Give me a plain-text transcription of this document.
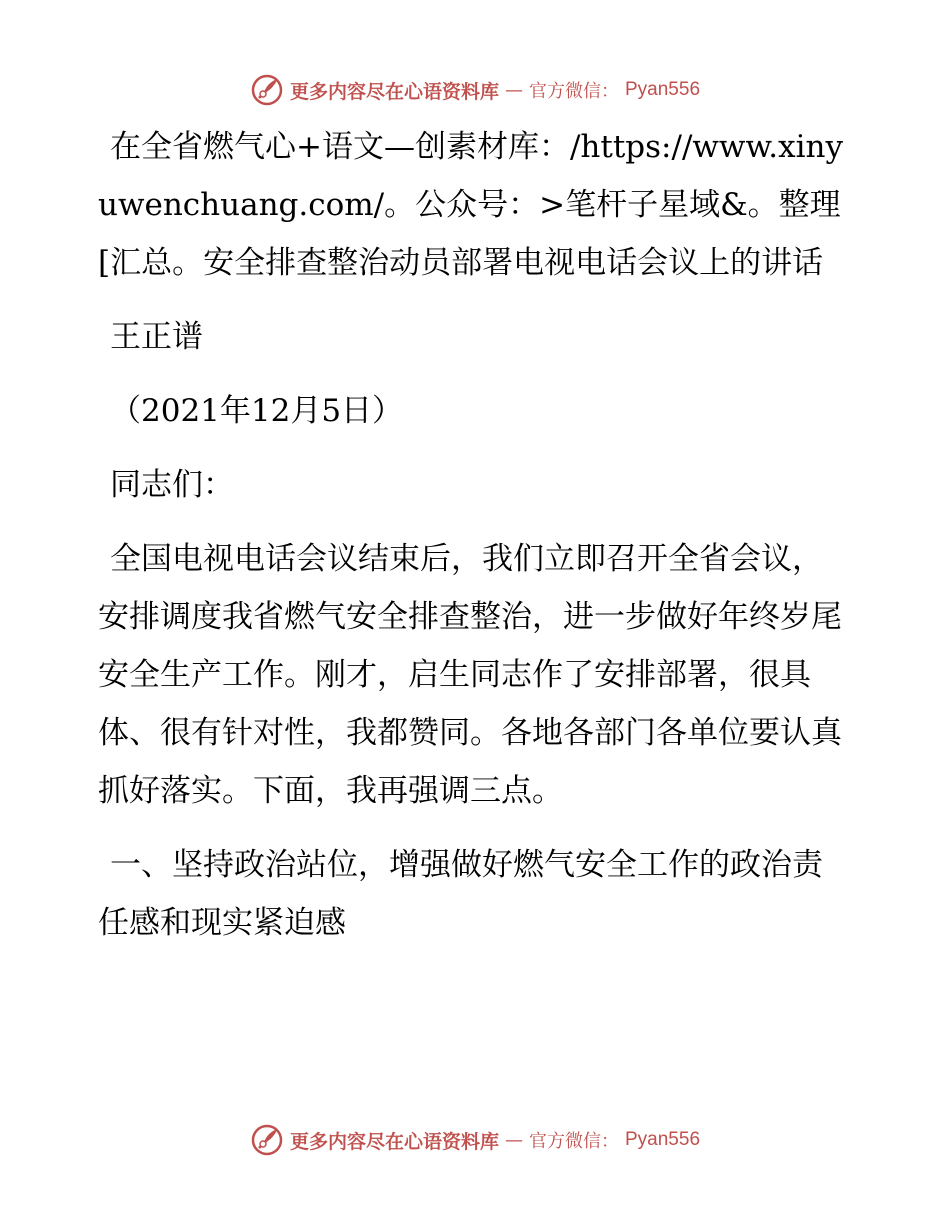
更多内容尽在心语资料库 — 官方微信： Pyan556

在全省燃气心+语文—创素材库：/https://www.xinyuwenchuang.com/。公众号：>笔杆子星域&。整理[汇总。安全排查整治动员部署电视电话会议上的讲话

王正谱

（2021年12月5日）

同志们：

全国电视电话会议结束后，我们立即召开全省会议，安排调度我省燃气安全排查整治，进一步做好年终岁尾安全生产工作。刚才，启生同志作了安排部署，很具体、很有针对性，我都赞同。各地各部门各单位要认真抓好落实。下面，我再强调三点。

一、坚持政治站位，增强做好燃气安全工作的政治责任感和现实紧迫感

更多内容尽在心语资料库 — 官方微信： Pyan556
